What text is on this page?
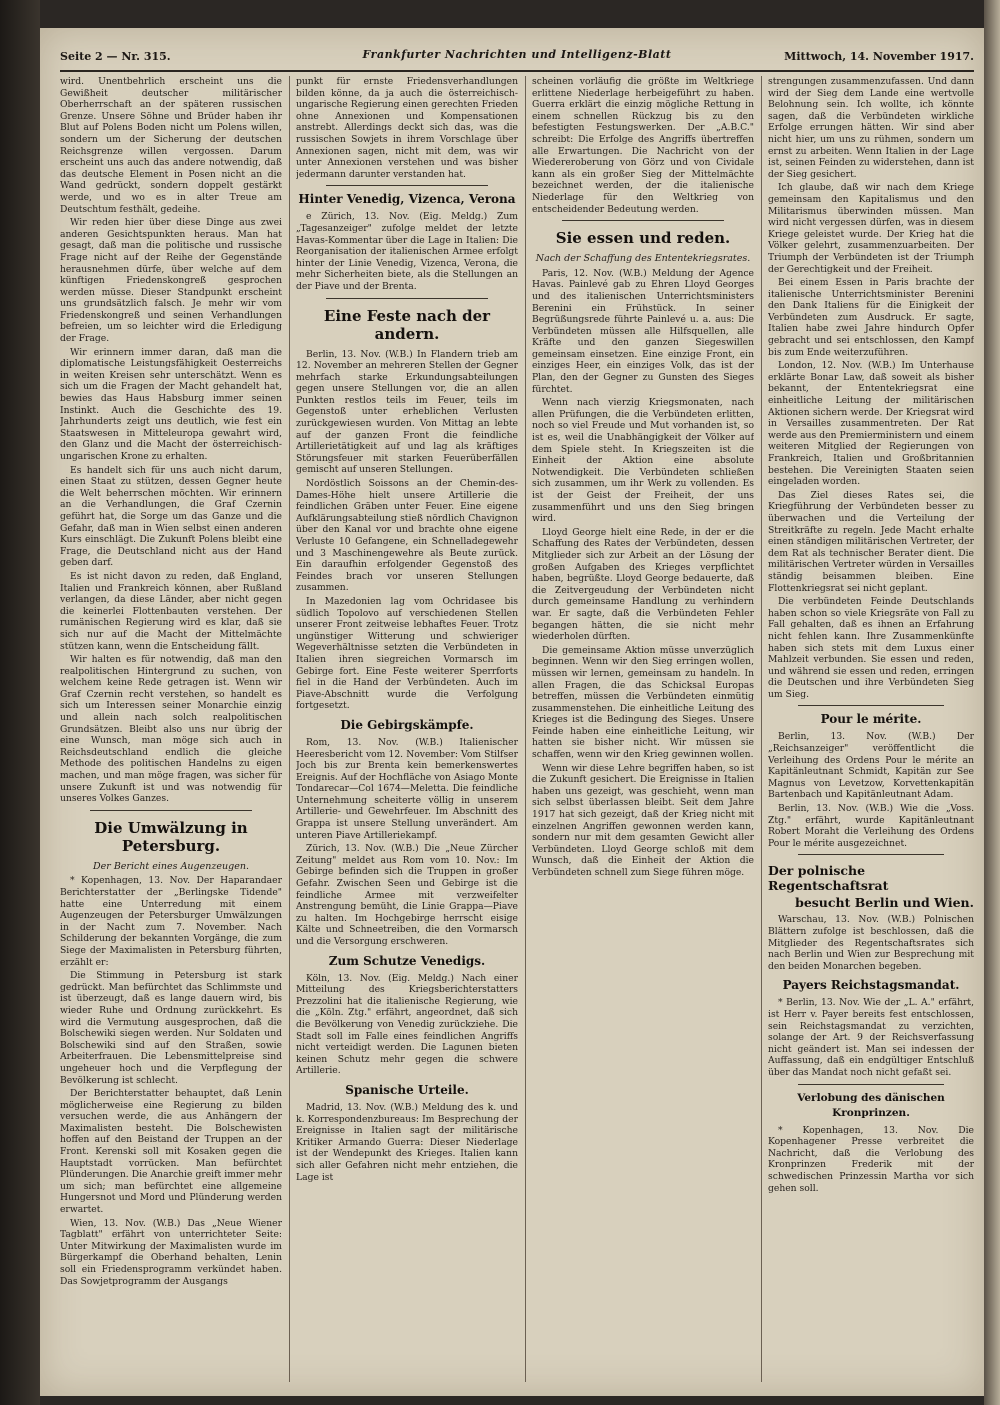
Seite 2 — Nr. 315.	Frankfurter Nachrichten und Intelligenz-Blatt	Mittwoch, 14. November 1917.

wird. Unentbehrlich erscheint uns die Gewißheit deutscher militärischer Oberherrschaft an der späteren russischen Grenze. Unsere Söhne und Brüder haben ihr Blut auf Polens Boden nicht um Polens willen, sondern um der Sicherung der deutschen Reichsgrenze willen vergossen. Darum erscheint uns auch das andere notwendig, daß das deutsche Element in Posen nicht an die Wand gedrückt, sondern doppelt gestärkt werde, und wo es in alter Treue am Deutschtum festhält, gedeihe.

Wir reden hier über diese Dinge aus zwei anderen Gesichtspunkten heraus. Man hat gesagt, daß man die politische und russische Frage nicht auf der Reihe der Gegenstände herausnehmen dürfe, über welche auf dem künftigen Friedenskongreß gesprochen werden müsse. Dieser Standpunkt erscheint uns grundsätzlich falsch. Je mehr wir vom Friedenskongreß und seinen Verhandlungen befreien, um so leichter wird die Erledigung der Frage.

Wir erinnern immer daran, daß man die diplomatische Leistungsfähigkeit Oesterreichs in weiten Kreisen sehr unterschätzt. Wenn es sich um die Fragen der Macht gehandelt hat, bewies das Haus Habsburg immer seinen Instinkt. Auch die Geschichte des 19. Jahrhunderts zeigt uns deutlich, wie fest ein Staatswesen in Mitteleuropa gewahrt wird, den Glanz und die Macht der österreichisch-ungarischen Krone zu erhalten.

Es handelt sich für uns auch nicht darum, einen Staat zu stützen, dessen Gegner heute die Welt beherrschen möchten. Wir erinnern an die Verhandlungen, die Graf Czernin geführt hat, die Sorge um das Ganze und die Gefahr, daß man in Wien selbst einen anderen Kurs einschlägt. Die Zukunft Polens bleibt eine Frage, die Deutschland nicht aus der Hand geben darf.

Es ist nicht davon zu reden, daß England, Italien und Frankreich können, aber Rußland verlangen, da diese Länder, aber nicht gegen die keinerlei Flottenbauten verstehen. Der rumänischen Regierung wird es klar, daß sie sich nur auf die Macht der Mittelmächte stützen kann, wenn die Entscheidung fällt.

Wir halten es für notwendig, daß man den realpolitischen Hintergrund zu suchen, von welchem keine Rede getragen ist. Wenn wir Graf Czernin recht verstehen, so handelt es sich um Interessen seiner Monarchie einzig und allein nach solch realpolitischen Grundsätzen. Bleibt also uns nur übrig der eine Wunsch, man möge sich auch in Reichsdeutschland endlich die gleiche Methode des politischen Handelns zu eigen machen, und man möge fragen, was sicher für unsere Zukunft ist und was notwendig für unseres Volkes Ganzes.

Die Umwälzung in Petersburg.
Der Bericht eines Augenzeugen.

* Kopenhagen, 13. Nov. Der Haparandaer Berichterstatter der „Berlingske Tidende" hatte eine Unterredung mit einem Augenzeugen der Petersburger Umwälzungen in der Nacht zum 7. November. Nach Schilderung der bekannten Vorgänge, die zum Siege der Maximalisten in Petersburg führten, erzählt er:

Die Stimmung in Petersburg ist stark gedrückt. Man befürchtet das Schlimmste und ist überzeugt, daß es lange dauern wird, bis wieder Ruhe und Ordnung zurückkehrt. Es wird die Vermutung ausgesprochen, daß die Bolschewiki siegen werden. Nur Soldaten und Bolschewiki sind auf den Straßen, sowie Arbeiterfrauen. Die Lebensmittelpreise sind ungeheuer hoch und die Verpflegung der Bevölkerung ist schlecht.

Der Berichterstatter behauptet, daß Lenin möglicherweise eine Regierung zu bilden versuchen werde, die aus Anhängern der Maximalisten besteht. Die Bolschewisten hoffen auf den Beistand der Truppen an der Front. Kerenski soll mit Kosaken gegen die Hauptstadt vorrücken. Man befürchtet Plünderungen. Die Anarchie greift immer mehr um sich; man befürchtet eine allgemeine Hungersnot und Mord und Plünderung werden erwartet.

Wien, 13. Nov. (W.B.) Das „Neue Wiener Tagblatt" erfährt von unterrichteter Seite: Unter Mitwirkung der Maximalisten wurde im Bürgerkampf die Oberhand behalten, Lenin soll ein Friedensprogramm verkündet haben. Das Sowjetprogramm der Ausgangs

punkt für ernste Friedensverhandlungen bilden könne, da ja auch die österreichisch-ungarische Regierung einen gerechten Frieden ohne Annexionen und Kompensationen anstrebt. Allerdings deckt sich das, was die russischen Sowjets in ihrem Vorschlage über Annexionen sagen, nicht mit dem, was wir unter Annexionen verstehen und was bisher jedermann darunter verstanden hat.

Hinter Venedig, Vizenca, Verona

e Zürich, 13. Nov. (Eig. Meldg.) Zum „Tagesanzeiger" zufolge meldet der letzte Havas-Kommentar über die Lage in Italien: Die Reorganisation der italienischen Armee erfolgt hinter der Linie Venedig, Vizenca, Verona, die mehr Sicherheiten biete, als die Stellungen an der Piave und der Brenta.

Eine Feste nach der andern.

Berlin, 13. Nov. (W.B.) In Flandern trieb am 12. November an mehreren Stellen der Gegner mehrfach starke Erkundungsabteilungen gegen unsere Stellungen vor, die an allen Punkten restlos teils im Feuer, teils im Gegenstoß unter erheblichen Verlusten zurückgewiesen wurden. Von Mittag an lebte auf der ganzen Front die feindliche Artillerietätigkeit auf und lag als kräftiges Störungsfeuer mit starken Feuerüberfällen gemischt auf unseren Stellungen.

Nordöstlich Soissons an der Chemin-des-Dames-Höhe hielt unsere Artillerie die feindlichen Gräben unter Feuer. Eine eigene Aufklärungsabteilung stieß nördlich Chavignon über den Kanal vor und brachte ohne eigene Verluste 10 Gefangene, ein Schnelladegewehr und 3 Maschinengewehre als Beute zurück. Ein daraufhin erfolgender Gegenstoß des Feindes brach vor unseren Stellungen zusammen.

In Mazedonien lag vom Ochridasee bis südlich Topolovo auf verschiedenen Stellen unserer Front zeitweise lebhaftes Feuer. Trotz ungünstiger Witterung und schwieriger Wegeverhältnisse setzten die Verbündeten in Italien ihren siegreichen Vormarsch im Gebirge fort. Eine Feste weiterer Sperrforts fiel in die Hand der Verbündeten. Auch im Piave-Abschnitt wurde die Verfolgung fortgesetzt.

Die Gebirgskämpfe.

Rom, 13. Nov. (W.B.) Italienischer Heeresbericht vom 12. November: Vom Stilfser Joch bis zur Brenta kein bemerkenswertes Ereignis. Auf der Hochfläche von Asiago Monte Tondarecar—Col 1674—Meletta. Die feindliche Unternehmung scheiterte völlig in unserem Artillerie- und Gewehrfeuer. Im Abschnitt des Grappa ist unsere Stellung unverändert. Am unteren Piave Artilleriekampf.

Zürich, 13. Nov. (W.B.) Die „Neue Zürcher Zeitung" meldet aus Rom vom 10. Nov.: Im Gebirge befinden sich die Truppen in großer Gefahr. Zwischen Seen und Gebirge ist die feindliche Armee mit verzweifelter Anstrengung bemüht, die Linie Grappa—Piave zu halten. Im Hochgebirge herrscht eisige Kälte und Schneetreiben, die den Vormarsch und die Versorgung erschweren.

Zum Schutze Venedigs.

Köln, 13. Nov. (Eig. Meldg.) Nach einer Mitteilung des Kriegsberichterstatters Prezzolini hat die italienische Regierung, wie die „Köln. Ztg." erfährt, angeordnet, daß sich die Bevölkerung von Venedig zurückziehe. Die Stadt soll im Falle eines feindlichen Angriffs nicht verteidigt werden. Die Lagunen bieten keinen Schutz mehr gegen die schwere Artillerie.

Spanische Urteile.

Madrid, 13. Nov. (W.B.) Meldung des k. und k. Korrespondenzbureaus: Im Besprechung der Ereignisse in Italien sagt der militärische Kritiker Armando Guerra: Dieser Niederlage ist der Wendepunkt des Krieges. Italien kann sich aller Gefahren nicht mehr entziehen, die Lage ist

scheinen vorläufig die größte im Weltkriege erlittene Niederlage herbeigeführt zu haben. Guerra erklärt die einzig mögliche Rettung in einem schnellen Rückzug bis zu den befestigten Festungswerken. Der „A.B.C." schreibt: Die Erfolge des Angriffs übertreffen alle Erwartungen. Die Nachricht von der Wiedereroberung von Görz und von Cividale kann als ein großer Sieg der Mittelmächte bezeichnet werden, der die italienische Niederlage für den Weltkrieg von entscheidender Bedeutung werden.

Sie essen und reden.
Nach der Schaffung des Ententekriegsrates.

Paris, 12. Nov. (W.B.) Meldung der Agence Havas. Painlevé gab zu Ehren Lloyd Georges und des italienischen Unterrichtsministers Berenini ein Frühstück. In seiner Begrüßungsrede führte Painlevé u. a. aus: Die Verbündeten müssen alle Hilfsquellen, alle Kräfte und den ganzen Siegeswillen gemeinsam einsetzen. Eine einzige Front, ein einziges Heer, ein einziges Volk, das ist der Plan, den der Gegner zu Gunsten des Sieges fürchtet.

Wenn nach vierzig Kriegsmonaten, nach allen Prüfungen, die die Verbündeten erlitten, noch so viel Freude und Mut vorhanden ist, so ist es, weil die Unabhängigkeit der Völker auf dem Spiele steht. In Kriegszeiten ist die Einheit der Aktion eine absolute Notwendigkeit. Die Verbündeten schließen sich zusammen, um ihr Werk zu vollenden. Es ist der Geist der Freiheit, der uns zusammenführt und uns den Sieg bringen wird.

Lloyd George hielt eine Rede, in der er die Schaffung des Rates der Verbündeten, dessen Mitglieder sich zur Arbeit an der Lösung der großen Aufgaben des Krieges verpflichtet haben, begrüßte. Lloyd George bedauerte, daß die Zeitvergeudung der Verbündeten nicht durch gemeinsame Handlung zu verhindern war. Er sagte, daß die Verbündeten Fehler begangen hätten, die sie nicht mehr wiederholen dürften.

Die gemeinsame Aktion müsse unverzüglich beginnen. Wenn wir den Sieg erringen wollen, müssen wir lernen, gemeinsam zu handeln. In allen Fragen, die das Schicksal Europas betreffen, müssen die Verbündeten einmütig zusammenstehen. Die einheitliche Leitung des Krieges ist die Bedingung des Sieges. Unsere Feinde haben eine einheitliche Leitung, wir hatten sie bisher nicht. Wir müssen sie schaffen, wenn wir den Krieg gewinnen wollen.

Wenn wir diese Lehre begriffen haben, so ist die Zukunft gesichert. Die Ereignisse in Italien haben uns gezeigt, was geschieht, wenn man sich selbst überlassen bleibt. Seit dem Jahre 1917 hat sich gezeigt, daß der Krieg nicht mit einzelnen Angriffen gewonnen werden kann, sondern nur mit dem gesamten Gewicht aller Verbündeten. Lloyd George schloß mit dem Wunsch, daß die Einheit der Aktion die Verbündeten schnell zum Siege führen möge.

strengungen zusammenzufassen. Und dann wird der Sieg dem Lande eine wertvolle Belohnung sein. Ich wollte, ich könnte sagen, daß die Verbündeten wirkliche Erfolge errungen hätten. Wir sind aber nicht hier, um uns zu rühmen, sondern um ernst zu arbeiten. Wenn Italien in der Lage ist, seinen Feinden zu widerstehen, dann ist der Sieg gesichert.

Ich glaube, daß wir nach dem Kriege gemeinsam den Kapitalismus und den Militarismus überwinden müssen. Man wird nicht vergessen dürfen, was in diesem Kriege geleistet wurde. Der Krieg hat die Völker gelehrt, zusammenzuarbeiten. Der Triumph der Verbündeten ist der Triumph der Gerechtigkeit und der Freiheit.

Bei einem Essen in Paris brachte der italienische Unterrichtsminister Berenini den Dank Italiens für die Einigkeit der Verbündeten zum Ausdruck. Er sagte, Italien habe zwei Jahre hindurch Opfer gebracht und sei entschlossen, den Kampf bis zum Ende weiterzuführen.

London, 12. Nov. (W.B.) Im Unterhause erklärte Bonar Law, daß soweit als bisher bekannt, der Ententekriegsrat eine einheitliche Leitung der militärischen Aktionen sichern werde. Der Kriegsrat wird in Versailles zusammentreten. Der Rat werde aus den Premierministern und einem weiteren Mitglied der Regierungen von Frankreich, Italien und Großbritannien bestehen. Die Vereinigten Staaten seien eingeladen worden.

Das Ziel dieses Rates sei, die Kriegführung der Verbündeten besser zu überwachen und die Verteilung der Streitkräfte zu regeln. Jede Macht erhalte einen ständigen militärischen Vertreter, der dem Rat als technischer Berater dient. Die militärischen Vertreter würden in Versailles ständig beisammen bleiben. Eine Flottenkriegsrat sei nicht geplant.

Die verbündeten Feinde Deutschlands haben schon so viele Kriegsräte von Fall zu Fall gehalten, daß es ihnen an Erfahrung nicht fehlen kann. Ihre Zusammenkünfte haben sich stets mit dem Luxus einer Mahlzeit verbunden. Sie essen und reden, und während sie essen und reden, erringen die Deutschen und ihre Verbündeten Sieg um Sieg.

Pour le mérite.

Berlin, 13. Nov. (W.B.) Der „Reichsanzeiger" veröffentlicht die Verleihung des Ordens Pour le mérite an Kapitänleutnant Schmidt, Kapitän zur See Magnus von Levetzow, Korvettenkapitän Bartenbach und Kapitänleutnant Adam.

Berlin, 13. Nov. (W.B.) Wie die „Voss. Ztg." erfährt, wurde Kapitänleutnant Robert Moraht die Verleihung des Ordens Pour le mérite ausgezeichnet.

Der polnische Regentschaftsrat
besucht Berlin und Wien.

Warschau, 13. Nov. (W.B.) Polnischen Blättern zufolge ist beschlossen, daß die Mitglieder des Regentschaftsrates sich nach Berlin und Wien zur Besprechung mit den beiden Monarchen begeben.

Payers Reichstagsmandat.

* Berlin, 13. Nov. Wie der „L. A." erfährt, ist Herr v. Payer bereits fest entschlossen, sein Reichstagsmandat zu verzichten, solange der Art. 9 der Reichsverfassung nicht geändert ist. Man sei indessen der Auffassung, daß ein endgültiger Entschluß über das Mandat noch nicht gefaßt sei.

Verlobung des dänischen Kronprinzen.

* Kopenhagen, 13. Nov. Die Kopenhagener Presse verbreitet die Nachricht, daß die Verlobung des Kronprinzen Frederik mit der schwedischen Prinzessin Martha vor sich gehen soll.
